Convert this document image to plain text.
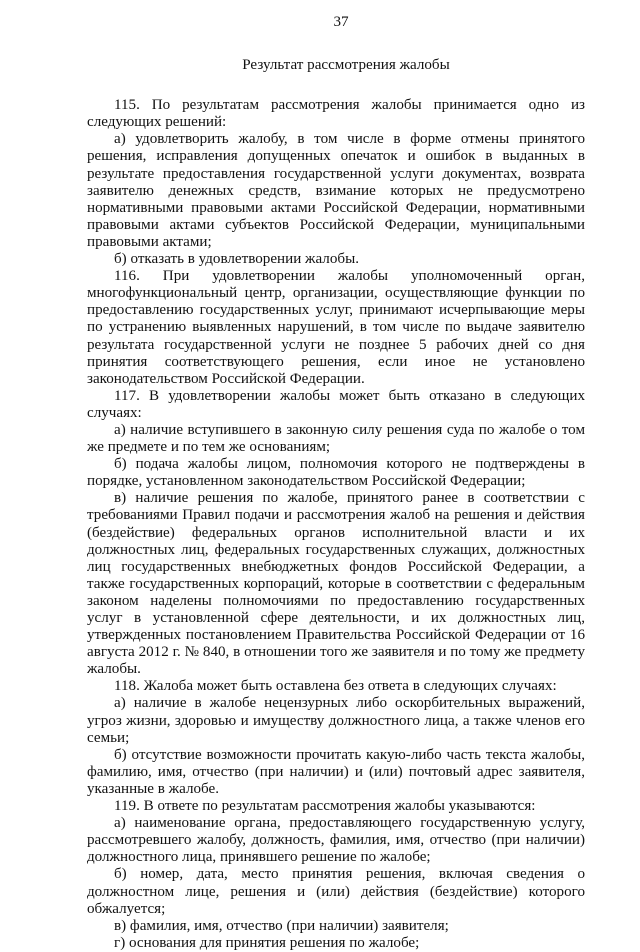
37
Результат рассмотрения жалобы

115. По результатам рассмотрения жалобы принимается одно из следующих решений:

а) удовлетворить жалобу, в том числе в форме отмены принятого решения, исправления допущенных опечаток и ошибок в выданных в результате предоставления государственной услуги документах, возврата заявителю денежных средств, взимание которых не предусмотрено нормативными правовыми актами Российской Федерации, нормативными правовыми актами субъектов Российской Федерации, муниципальными правовыми актами;

б) отказать в удовлетворении жалобы.

116. При удовлетворении жалобы уполномоченный орган, многофункциональный центр, организации, осуществляющие функции по предоставлению государственных услуг, принимают исчерпывающие меры по устранению выявленных нарушений, в том числе по выдаче заявителю результата государственной услуги не позднее 5 рабочих дней со дня принятия соответствующего решения, если иное не установлено законодательством Российской Федерации.

117. В удовлетворении жалобы может быть отказано в следующих случаях:

а) наличие вступившего в законную силу решения суда по жалобе о том же предмете и по тем же основаниям;

б) подача жалобы лицом, полномочия которого не подтверждены в порядке, установленном законодательством Российской Федерации;

в) наличие решения по жалобе, принятого ранее в соответствии с требованиями Правил подачи и рассмотрения жалоб на решения и действия (бездействие) федеральных органов исполнительной власти и их должностных лиц, федеральных государственных служащих, должностных лиц государственных внебюджетных фондов Российской Федерации, а также государственных корпораций, которые в соответствии с федеральным законом наделены полномочиями по предоставлению государственных услуг в установленной сфере деятельности, и их должностных лиц, утвержденных постановлением Правительства Российской Федерации от 16 августа 2012 г. № 840, в отношении того же заявителя и по тому же предмету жалобы.

118. Жалоба может быть оставлена без ответа в следующих случаях:

а) наличие в жалобе нецензурных либо оскорбительных выражений, угроз жизни, здоровью и имуществу должностного лица, а также членов его семьи;

б) отсутствие возможности прочитать какую-либо часть текста жалобы, фамилию, имя, отчество (при наличии) и (или) почтовый адрес заявителя, указанные в жалобе.

119. В ответе по результатам рассмотрения жалобы указываются:

а) наименование органа, предоставляющего государственную услугу, рассмотревшего жалобу, должность, фамилия, имя, отчество (при наличии) должностного лица, принявшего решение по жалобе;

б) номер, дата, место принятия решения, включая сведения о должностном лице, решения и (или) действия (бездействие) которого обжалуется;

в) фамилия, имя, отчество (при наличии) заявителя;

г) основания для принятия решения по жалобе;
